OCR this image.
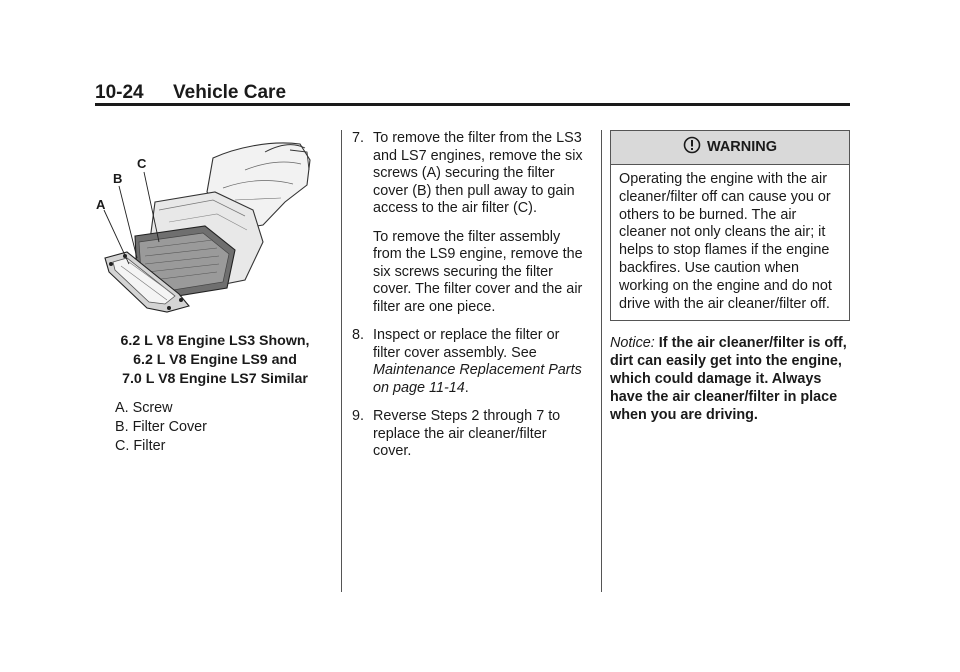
10-24 Vehicle Care
A
B
C
6.2 L V8 Engine LS3 Shown,
6.2 L V8 Engine LS9 and
7.0 L V8 Engine LS7 Similar
A. Screw
B. Filter Cover
C. Filter
7. To remove the filter from the LS3 and LS7 engines, remove the six screws (A) securing the filter cover (B) then pull away to gain access to the air filter (C).

To remove the filter assembly from the LS9 engine, remove the six screws securing the filter cover. The filter cover and the air filter are one piece.

8. Inspect or replace the filter or filter cover assembly. See Maintenance Replacement Parts on page 11-14.

9. Reverse Steps 2 through 7 to replace the air cleaner/filter cover.

WARNING
Operating the engine with the air cleaner/filter off can cause you or others to be burned. The air cleaner not only cleans the air; it helps to stop flames if the engine backfires. Use caution when working on the engine and do not drive with the air cleaner/filter off.
Notice: If the air cleaner/filter is off, dirt can easily get into the engine, which could damage it. Always have the air cleaner/filter in place when you are driving.
